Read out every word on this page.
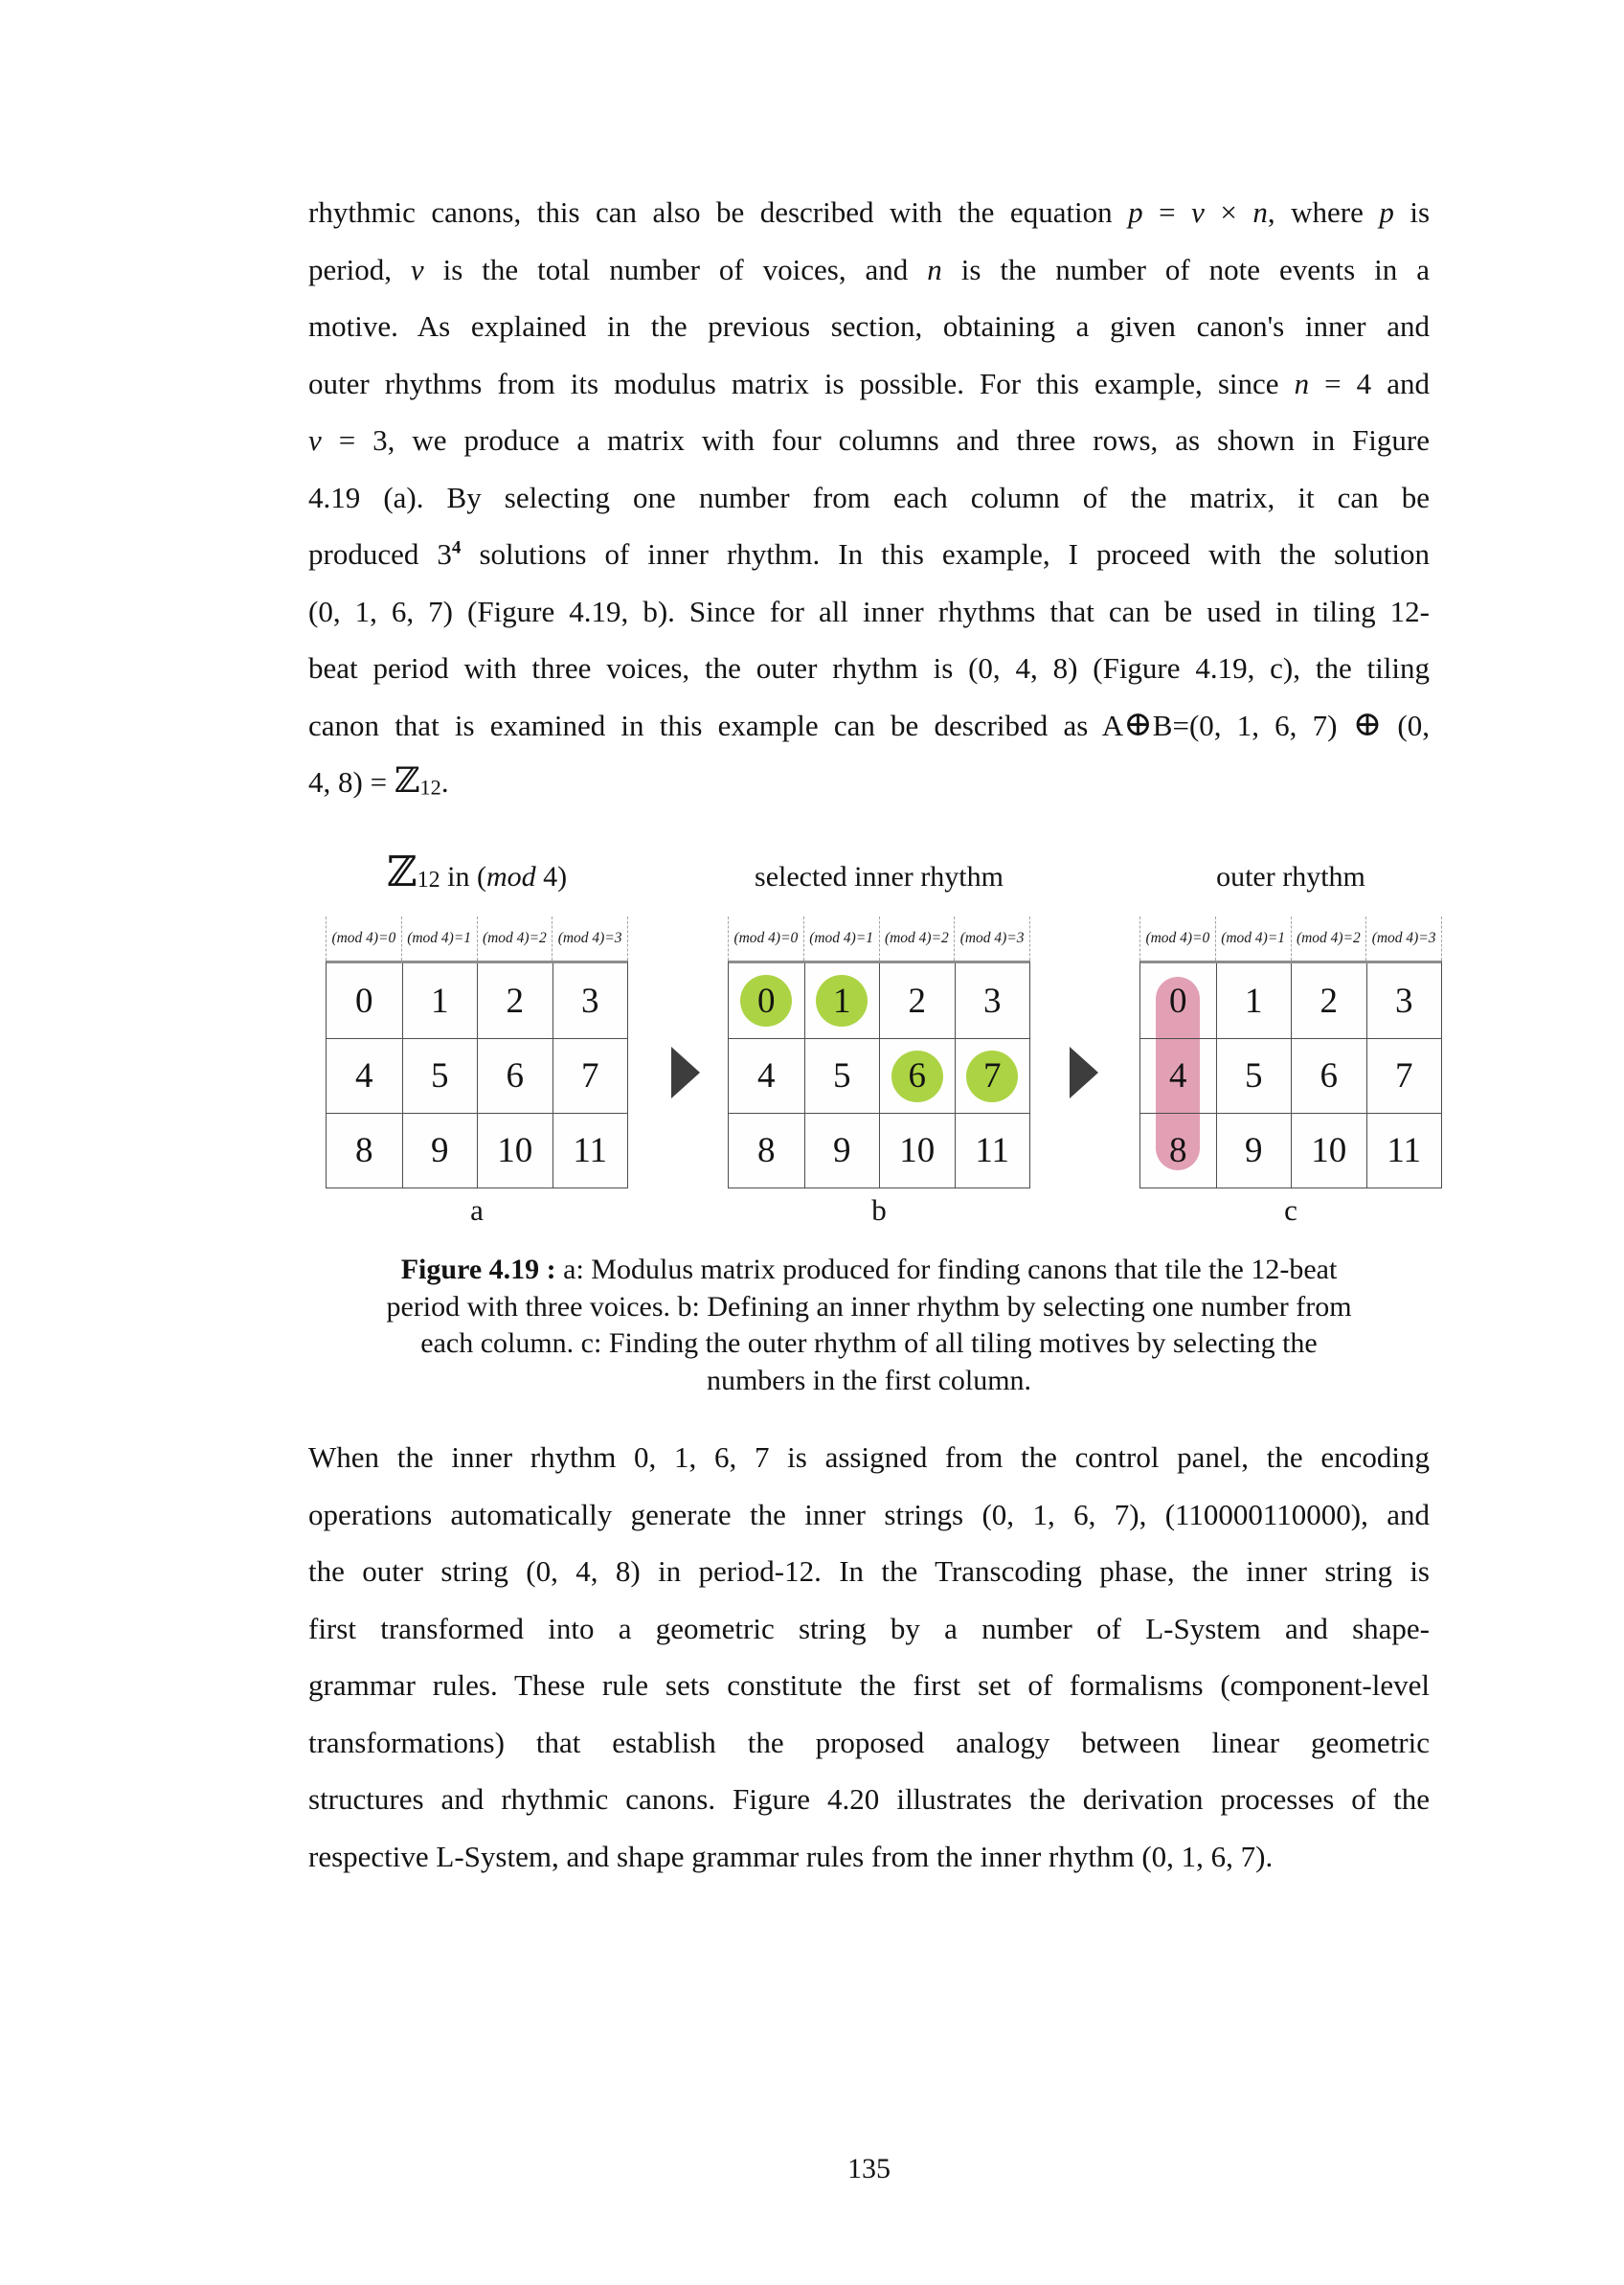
rhythmic canons, this can also be described with the equation p = v × n, where p is
period, v is the total number of voices, and n is the number of note events in a
motive. As explained in the previous section, obtaining a given canon's inner and
outer rhythms from its modulus matrix is possible. For this example, since n = 4 and
v = 3, we produce a matrix with four columns and three rows, as shown in Figure
4.19 (a). By selecting one number from each column of the matrix, it can be
produced $3^4$ solutions of inner rhythm. In this example, I proceed with the solution
(0, 1, 6, 7) (Figure 4.19, b). Since for all inner rhythms that can be used in tiling 12-
beat period with three voices, the outer rhythm is (0, 4, 8) (Figure 4.19, c), the tiling
canon that is examined in this example can be described as A⊕B=(0, 1, 6, 7) ⊕ (0,
4, 8) = ℤ12.
ℤ12 in (mod 4)	selected inner rhythm	outer rhythm
(mod 4)=0 (mod 4)=1 (mod 4)=2 (mod 4)=3
0	1	2	3
4	5	6	7
8	9	10	11
(mod 4)=0 (mod 4)=1 (mod 4)=2 (mod 4)=3
0	1	2	3
4	5	6	7
8	9	10	11
(mod 4)=0 (mod 4)=1 (mod 4)=2 (mod 4)=3
0	1	2	3
4	5	6	7
8	9	10	11
a	b	c
Figure 4.19 : a: Modulus matrix produced for finding canons that tile the 12-beat
period with three voices. b: Defining an inner rhythm by selecting one number from
each column. c: Finding the outer rhythm of all tiling motives by selecting the
numbers in the first column.
When the inner rhythm 0, 1, 6, 7 is assigned from the control panel, the encoding
operations automatically generate the inner strings (0, 1, 6, 7), (110000110000), and
the outer string (0, 4, 8) in period-12. In the Transcoding phase, the inner string is
first transformed into a geometric string by a number of L-System and shape-
grammar rules. These rule sets constitute the first set of formalisms (component-level
transformations) that establish the proposed analogy between linear geometric
structures and rhythmic canons. Figure 4.20 illustrates the derivation processes of the
respective L-System, and shape grammar rules from the inner rhythm (0, 1, 6, 7).
135
